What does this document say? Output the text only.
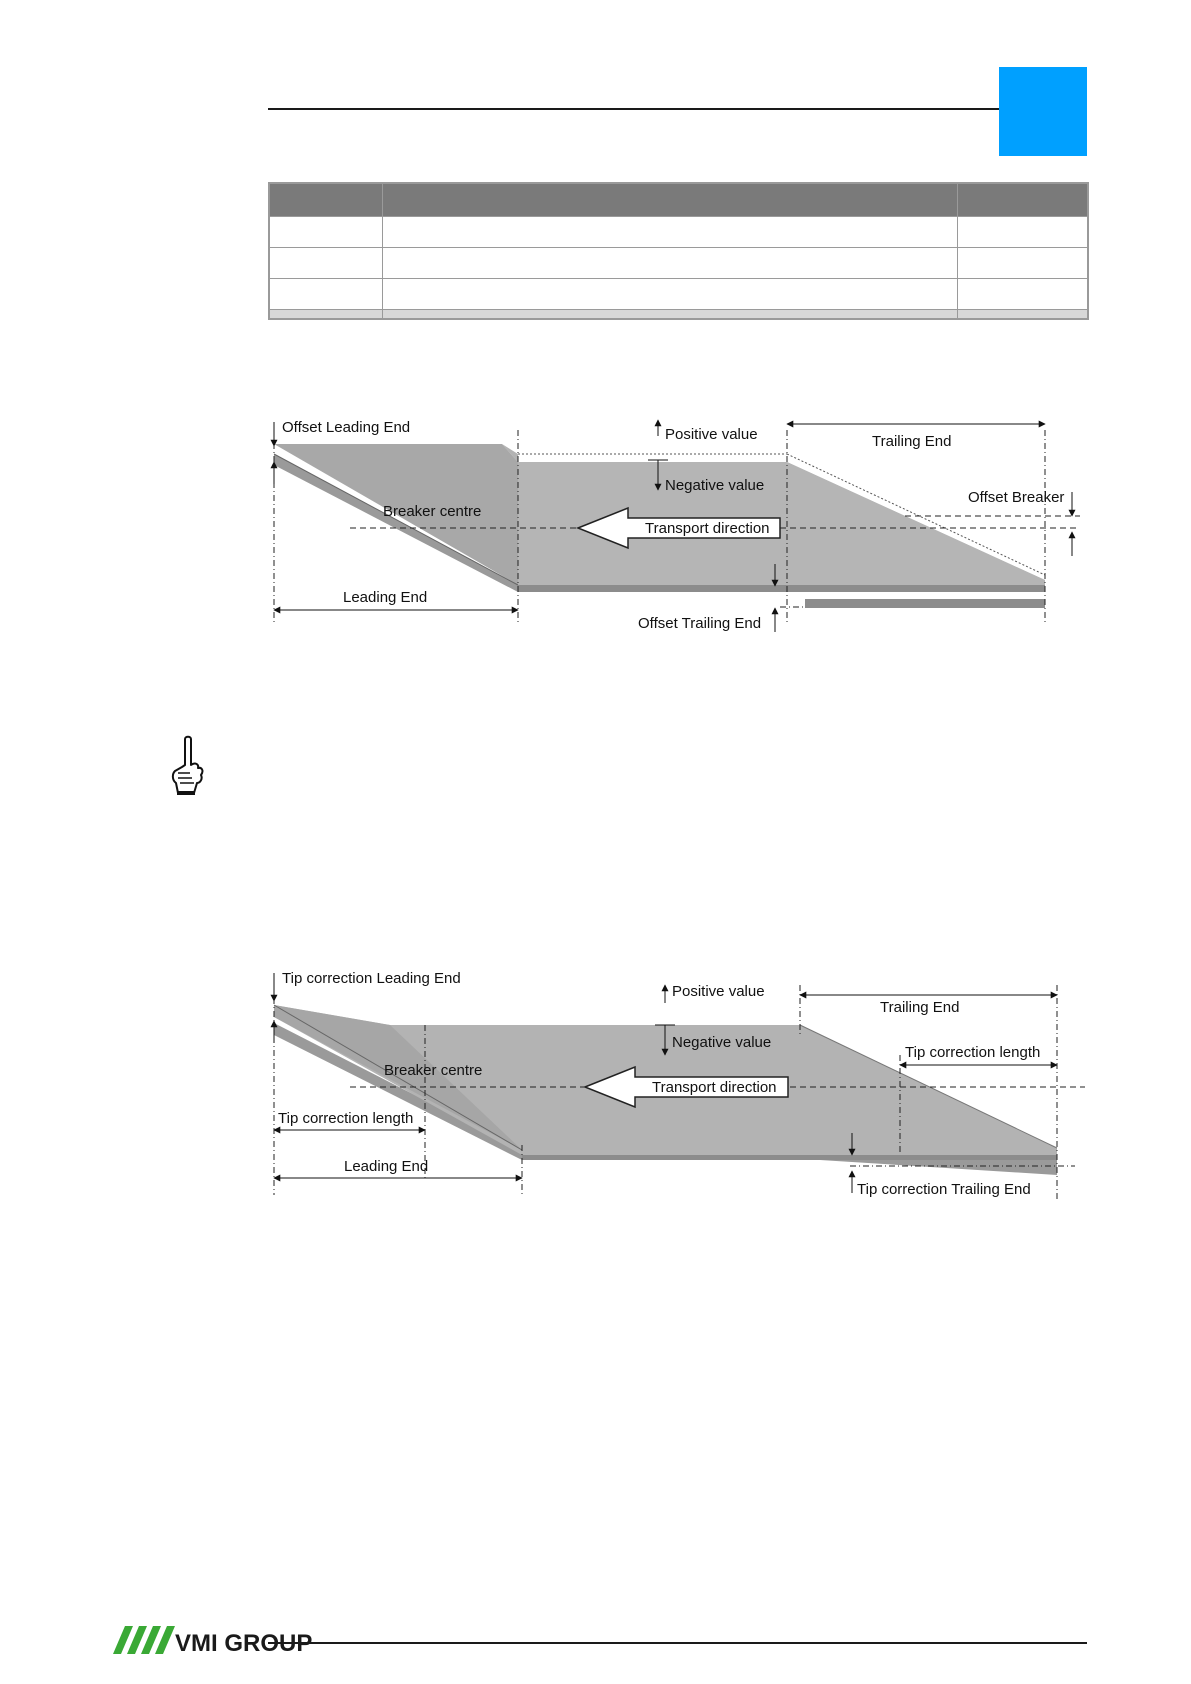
Offset Leading End	Positive value
Negative value
Trailing End
Offset Breaker
Breaker centre
Transport direction
Leading End
Offset Trailing End
Tip correction Leading End
Positive value
Negative value
Trailing End
Tip correction length
Breaker centre
Transport direction
Tip correction length
Leading End
Tip correction Trailing End
VMI GROUP
